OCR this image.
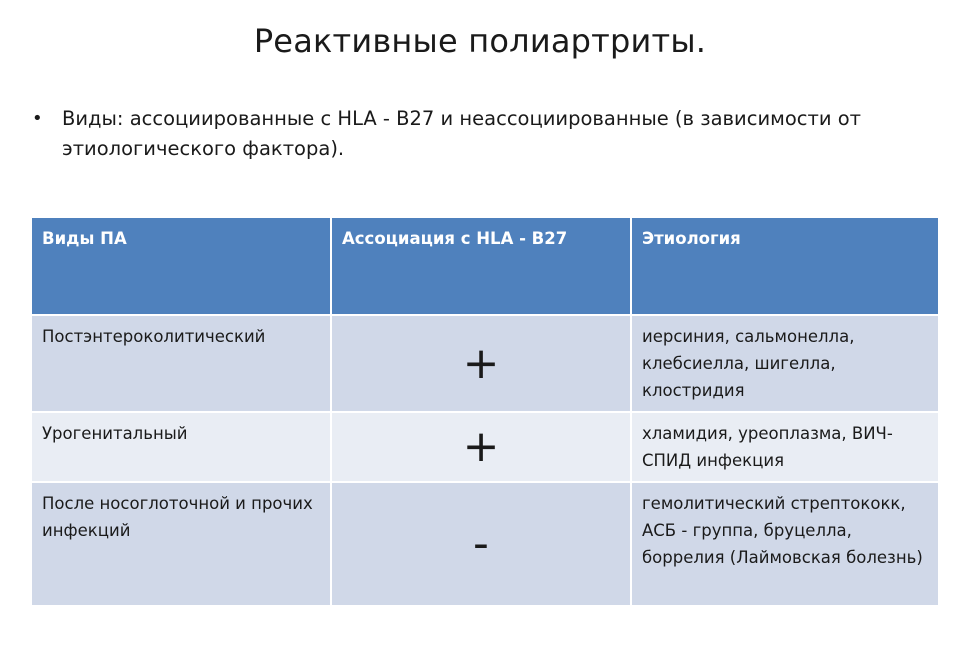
Реактивные полиартриты.
• Виды: ассоциированные с HLA - B27 и неассоциированные (в зависимости от этиологического фактора).
Виды ПА	Ассоциация с HLA - B27	Этиология
Постэнтероколитический	+	иерсиния, сальмонелла, клебсиелла, шигелла, клостридия
Урогенитальный	+	хламидия, уреоплазма, ВИЧ-СПИД инфекция
После носоглоточной и прочих инфекций	-	гемолитический стрептококк, АСБ - группа, бруцелла, боррелия (Лаймовская болезнь)
